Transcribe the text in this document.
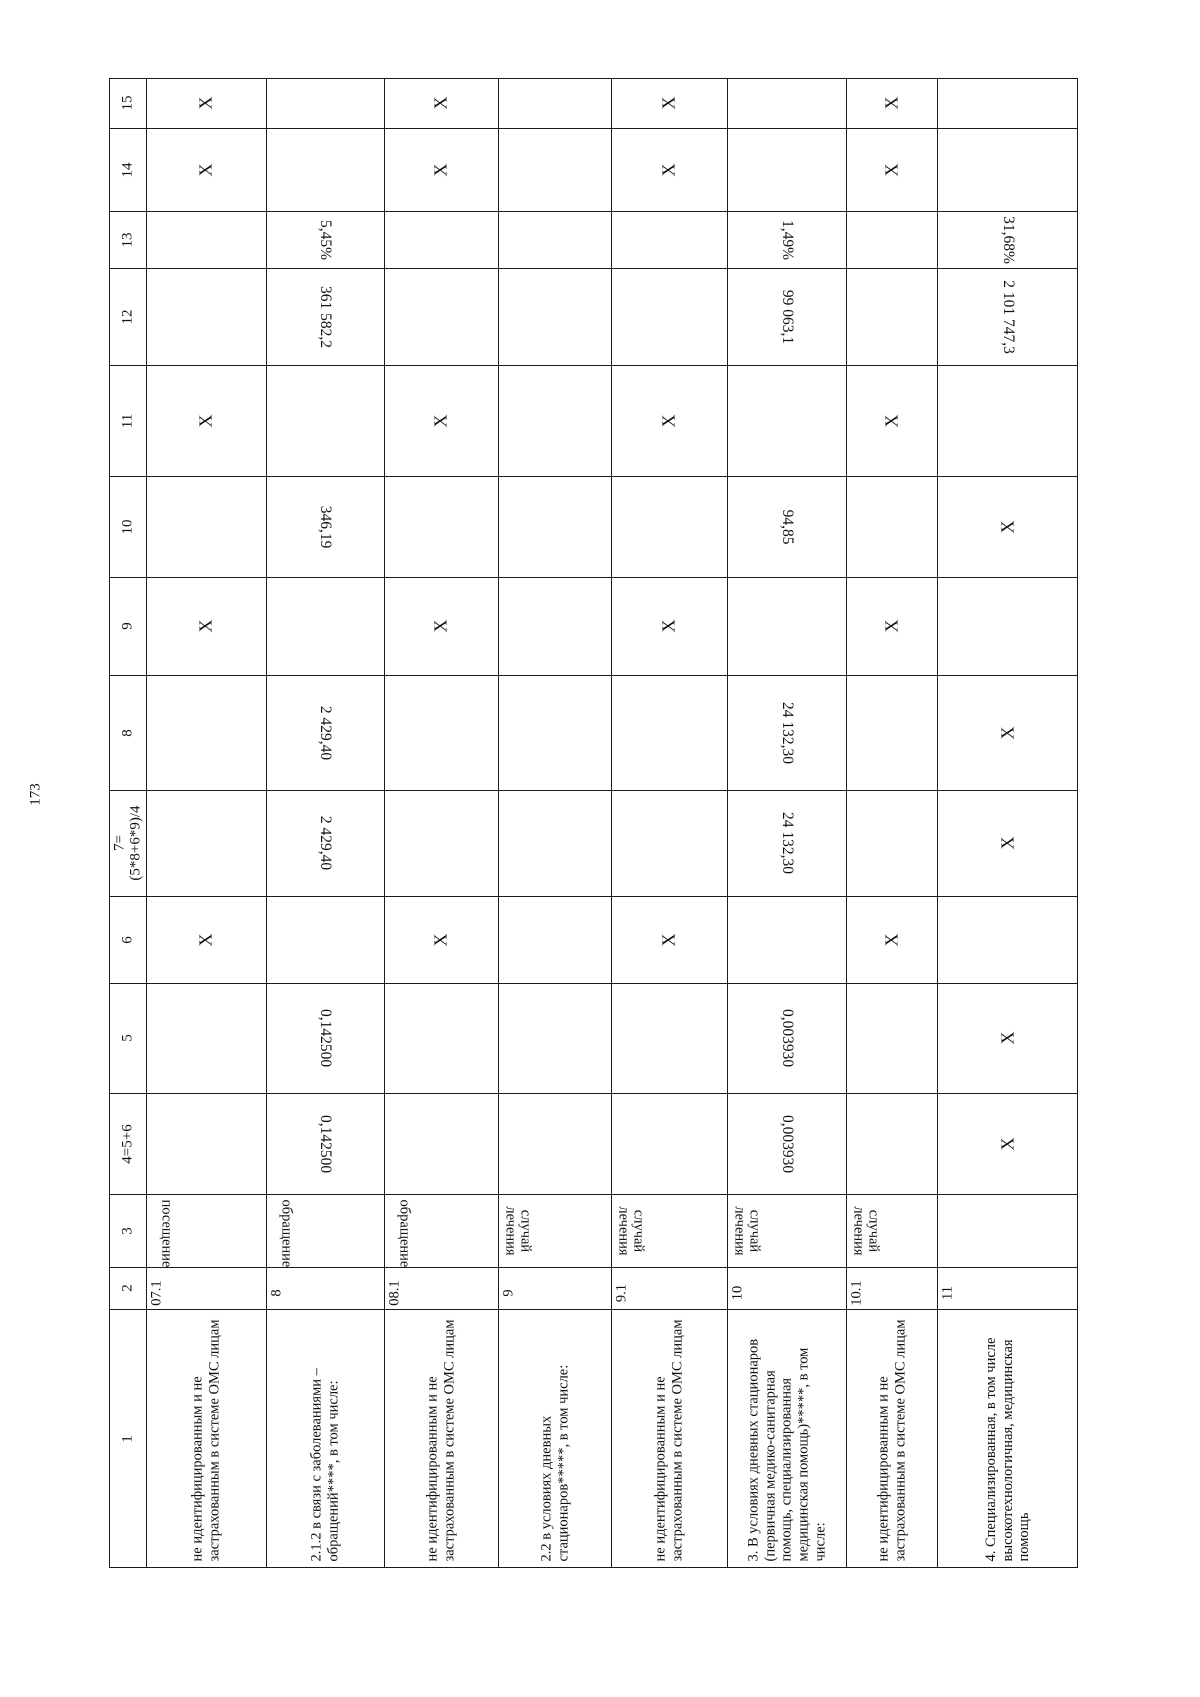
173
1
2
3
4=5+6
5
6
7=(5*8+6*9)/4
8
9
10
11
12
13
14
15	X
X
X
X
X
посещение
07.1
не идентифицированным и не застрахованным в системе ОМС лицам
5,45%
361 582,2
346,19
2 429,40
2 429,40
0,142500
0,142500
обращение
8
2.1.2 в связи с заболеваниями – обращений****, в том числе:
X
X
X
X
X
обращение
08.1
не идентифицированным и не застрахованным в системе ОМС лицам
случай лечения
9
2.2 в условиях дневных стационаров*****, в том числе:
X
X
X
X
X
случай лечения
9.1
не идентифицированным и не застрахованным в системе ОМС лицам
1,49%
99 063,1
94,85
24 132,30
24 132,30
0,003930
0,003930
случай лечения
10
3. В условиях дневных стационаров (первичная медико-санитарная помощь, специализированная медицинская помощь)*****, в том числе:
X
X
X
X
X
случай лечения
10.1
не идентифицированным и не застрахованным в системе ОМС лицам
31,68%
2 101 747,3
X
X
X
X
X
11
4. Специализированная, в том числе высокотехнологичная, медицинская помощь
